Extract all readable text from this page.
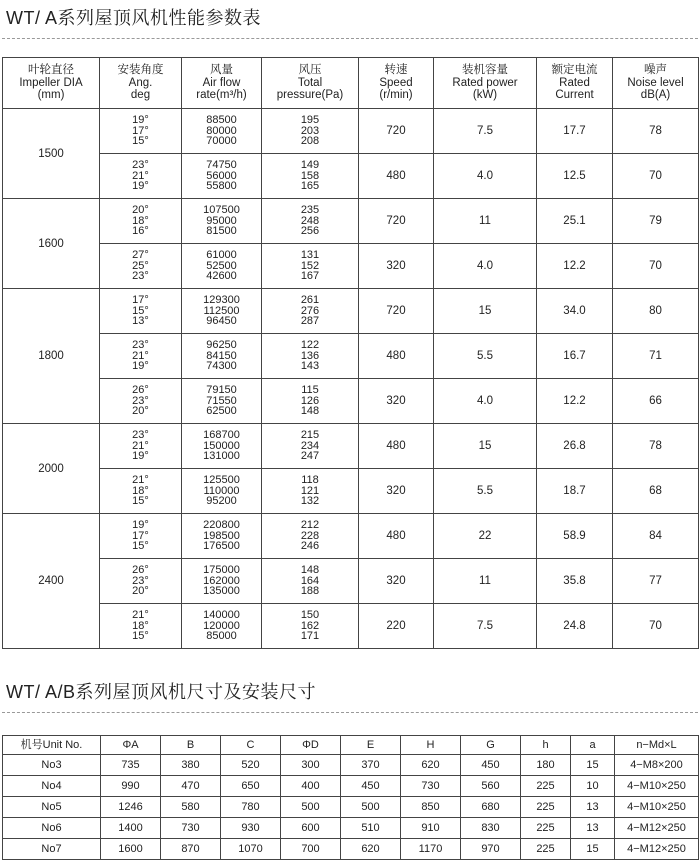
WT/ A系列屋顶风机性能参数表
叶轮直径
Impeller DIA
(mm)	安装角度
Ang.
deg	风量
Air flow
rate(m³/h)	风压
Total
pressure(Pa)	转速
Speed
(r/min)	装机容量
Rated power
(kW)	额定电流
Rated
Current	噪声
Noise level
dB(A)

1500	19°
17°
15°	88500
80000
70000	195
203
208	720	7.5	17.7	78

	23°
21°
19°	74750
56000
55800	149
158
165	480	4.0	12.5	70
1600	20°
18°
16°	107500
95000
81500	235
248
256	720	11	25.1	79

	27°
25°
23°	61000
52500
42600	131
152
167	320	4.0	12.2	70
1800	17°
15°
13°	129300
112500
96450	261
276
287	720	15	34.0	80

	23°
21°
19°	96250
84150
74300	122
136
143	480	5.5	16.7	71

	26°
23°
20°	79150
71550
62500	115
126
148	320	4.0	12.2	66
2000	23°
21°
19°	168700
150000
131000	215
234
247	480	15	26.8	78

	21°
18°
15°	125500
110000
95200	118
121
132	320	5.5	18.7	68
2400	19°
17°
15°	220800
198500
176500	212
228
246	480	22	58.9	84

	26°
23°
20°	175000
162000
135000	148
164
188	320	11	35.8	77

	21°
18°
15°	140000
120000
85000	150
162
171	220	7.5	24.8	70
WT/ A/B系列屋顶风机尺寸及安装尺寸
机号Unit No.	ΦA	B	C	ΦD	E	H	G	h	a	n−Md×L
No3	735	380	520	300	370	620	450	180	15	4−M8×200
No4	990	470	650	400	450	730	560	225	10	4−M10×250
No5	1246	580	780	500	500	850	680	225	13	4−M10×250
No6	1400	730	930	600	510	910	830	225	13	4−M12×250
No7	1600	870	1070	700	620	1170	970	225	15	4−M12×250
